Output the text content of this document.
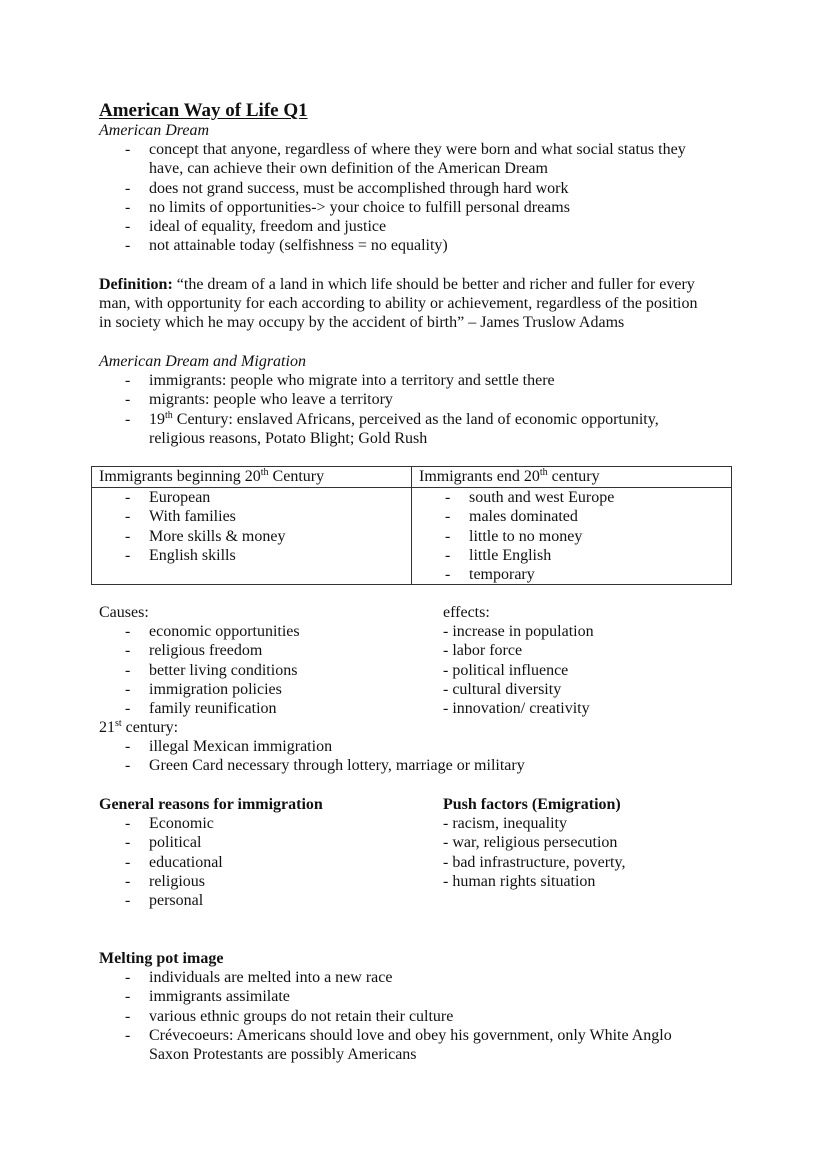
American Way of Life Q1
American Dream
- concept that anyone, regardless of where they were born and what social status they
have, can achieve their own definition of the American Dream
- does not grand success, must be accomplished through hard work
- no limits of opportunities-> your choice to fulfill personal dreams
- ideal of equality, freedom and justice
- not attainable today (selfishness = no equality)
Definition: “the dream of a land in which life should be better and richer and fuller for every
man, with opportunity for each according to ability or achievement, regardless of the position
in society which he may occupy by the accident of birth” – James Truslow Adams
American Dream and Migration
- immigrants: people who migrate into a territory and settle there
- migrants: people who leave a territory
- 19th Century: enslaved Africans, perceived as the land of economic opportunity,
religious reasons, Potato Blight; Gold Rush
Immigrants beginning 20th Century	Immigrants end 20th century

- European
- With families
- More skills & money
- English skills

- south and west Europe
- males dominated
- little to no money
- little English
- temporary
Causes:
- economic opportunities
- religious freedom
- better living conditions
- immigration policies
- family reunification
effects:
- increase in population
- labor force
- political influence
- cultural diversity
- innovation/ creativity
21st century:
- illegal Mexican immigration
- Green Card necessary through lottery, marriage or military
General reasons for immigration
- Economic
- political
- educational
- religious
- personal
Push factors (Emigration)
- racism, inequality
- war, religious persecution
- bad infrastructure, poverty,
- human rights situation
Melting pot image
- individuals are melted into a new race
- immigrants assimilate
- various ethnic groups do not retain their culture
- Crévecoeurs: Americans should love and obey his government, only White Anglo
Saxon Protestants are possibly Americans
